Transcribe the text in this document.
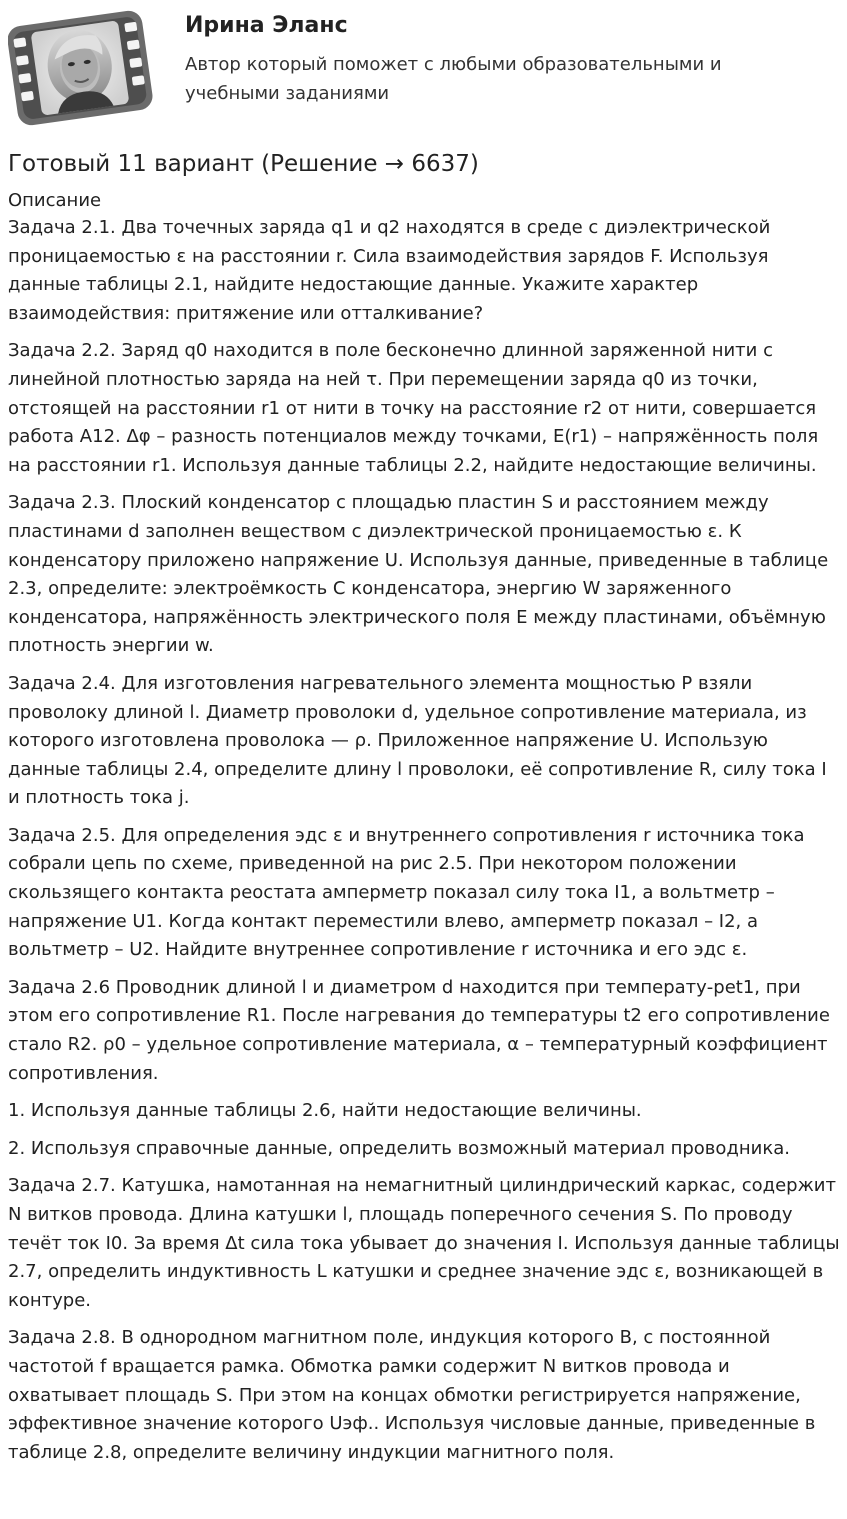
Ирина Эланс

Автор который поможет с любыми образовательными и учебными заданиями

Готовый 11 вариант (Решение → 6637)
Описание

Задача 2.1. Два точечных заряда q1 и q2 находятся в среде с диэлектрической проницаемостью ε на расстоянии r. Сила взаимодействия зарядов F. Используя данные таблицы 2.1, найдите недостающие данные. Укажите характер взаимодействия: притяжение или отталкивание?

Задача 2.2. Заряд q0 находится в поле бесконечно длинной заряженной нити с линейной плотностью заряда на ней τ. При перемещении заряда q0 из точки, отстоящей на расстоянии r1 от нити в точку на расстояние r2 от нити, совершается работа A12. Δφ – разность потенциалов между точками, E(r1) – напряжённость поля на расстоянии r1. Используя данные таблицы 2.2, найдите недостающие величины.

Задача 2.3. Плоский конденсатор с площадью пластин S и расстоянием между пластинами d заполнен веществом с диэлектрической проницаемостью ε. К конденсатору приложено напряжение U. Используя данные, приведенные в таблице 2.3, определите: электроёмкость C конденсатора, энергию W заряженного конденсатора, напряжённость электрического поля E между пластинами, объёмную плотность энергии w.

Задача 2.4. Для изготовления нагревательного элемента мощностью P взяли проволоку длиной l. Диаметр проволоки d, удельное сопротивление материала, из которого изготовлена проволока — ρ. Приложенное напряжение U. Использую данные таблицы 2.4, определите длину l проволоки, её сопротивление R, силу тока I и плотность тока j.

Задача 2.5. Для определения эдс ε и внутреннего сопротивления r источника тока собрали цепь по схеме, приведенной на рис 2.5. При некотором положении скользящего контакта реостата амперметр показал силу тока I1, а вольтметр – напряжение U1. Когда контакт переместили влево, амперметр показал – I2, а вольтметр – U2. Найдите внутреннее сопротивление r источника и его эдс ε.

Задача 2.6 Проводник длиной l и диаметром d находится при температу-рet1, при этом его сопротивление R1. После нагревания до температуры t2 его сопротивление стало R2. ρ0 – удельное сопротивление материала, α – температурный коэффициент сопротивления.

1. Используя данные таблицы 2.6, найти недостающие величины.

2. Используя справочные данные, определить возможный материал проводника.

Задача 2.7. Катушка, намотанная на немагнитный цилиндрический каркас, содержит N витков провода. Длина катушки l, площадь поперечного сечения S. По проводу течёт ток I0. За время Δt сила тока убывает до значения I. Используя данные таблицы 2.7, определить индуктивность L катушки и среднее значение эдс ε, возникающей в контуре.

Задача 2.8. В однородном магнитном поле, индукция которого B, с постоянной частотой f вращается рамка. Обмотка рамки содержит N витков провода и охватывает площадь S. При этом на концах обмотки регистрируется напряжение, эффективное значение которого Uэф.. Используя числовые данные, приведенные в таблице 2.8, определите величину индукции магнитного поля.
